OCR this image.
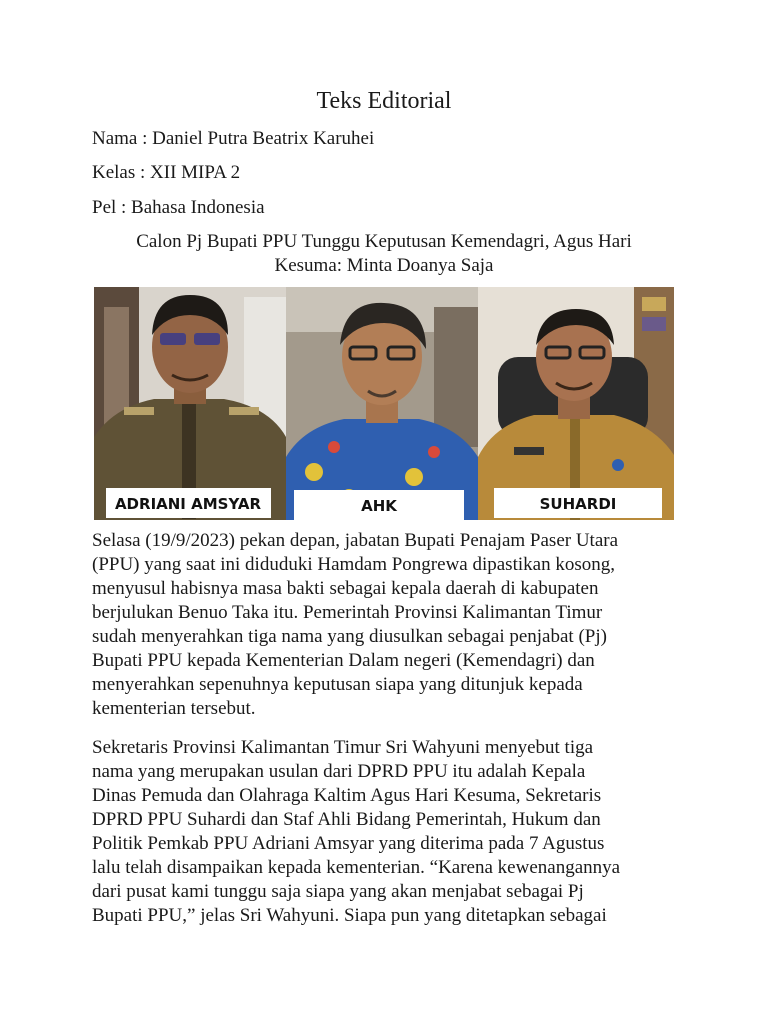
Teks Editorial
Nama : Daniel Putra Beatrix Karuhei
Kelas : XII MIPA 2
Pel : Bahasa Indonesia
Calon Pj Bupati PPU Tunggu Keputusan Kemendagri, Agus Hari
Kesuma: Minta Doanya Saja
ADRIANI AMSYAR	AHK	SUHARDI
Selasa (19/9/2023) pekan depan, jabatan Bupati Penajam Paser Utara
(PPU) yang saat ini diduduki Hamdam Pongrewa dipastikan kosong,
menyusul habisnya masa bakti sebagai kepala daerah di kabupaten
berjulukan Benuo Taka itu. Pemerintah Provinsi Kalimantan Timur
sudah menyerahkan tiga nama yang diusulkan sebagai penjabat (Pj)
Bupati PPU kepada Kementerian Dalam negeri (Kemendagri) dan
menyerahkan sepenuhnya keputusan siapa yang ditunjuk kepada
kementerian tersebut.
Sekretaris Provinsi Kalimantan Timur Sri Wahyuni menyebut tiga
nama yang merupakan usulan dari DPRD PPU itu adalah Kepala
Dinas Pemuda dan Olahraga Kaltim Agus Hari Kesuma, Sekretaris
DPRD PPU Suhardi dan Staf Ahli Bidang Pemerintah, Hukum dan
Politik Pemkab PPU Adriani Amsyar yang diterima pada 7 Agustus
lalu telah disampaikan kepada kementerian. “Karena kewenangannya
dari pusat kami tunggu saja siapa yang akan menjabat sebagai Pj
Bupati PPU,” jelas Sri Wahyuni. Siapa pun yang ditetapkan sebagai
